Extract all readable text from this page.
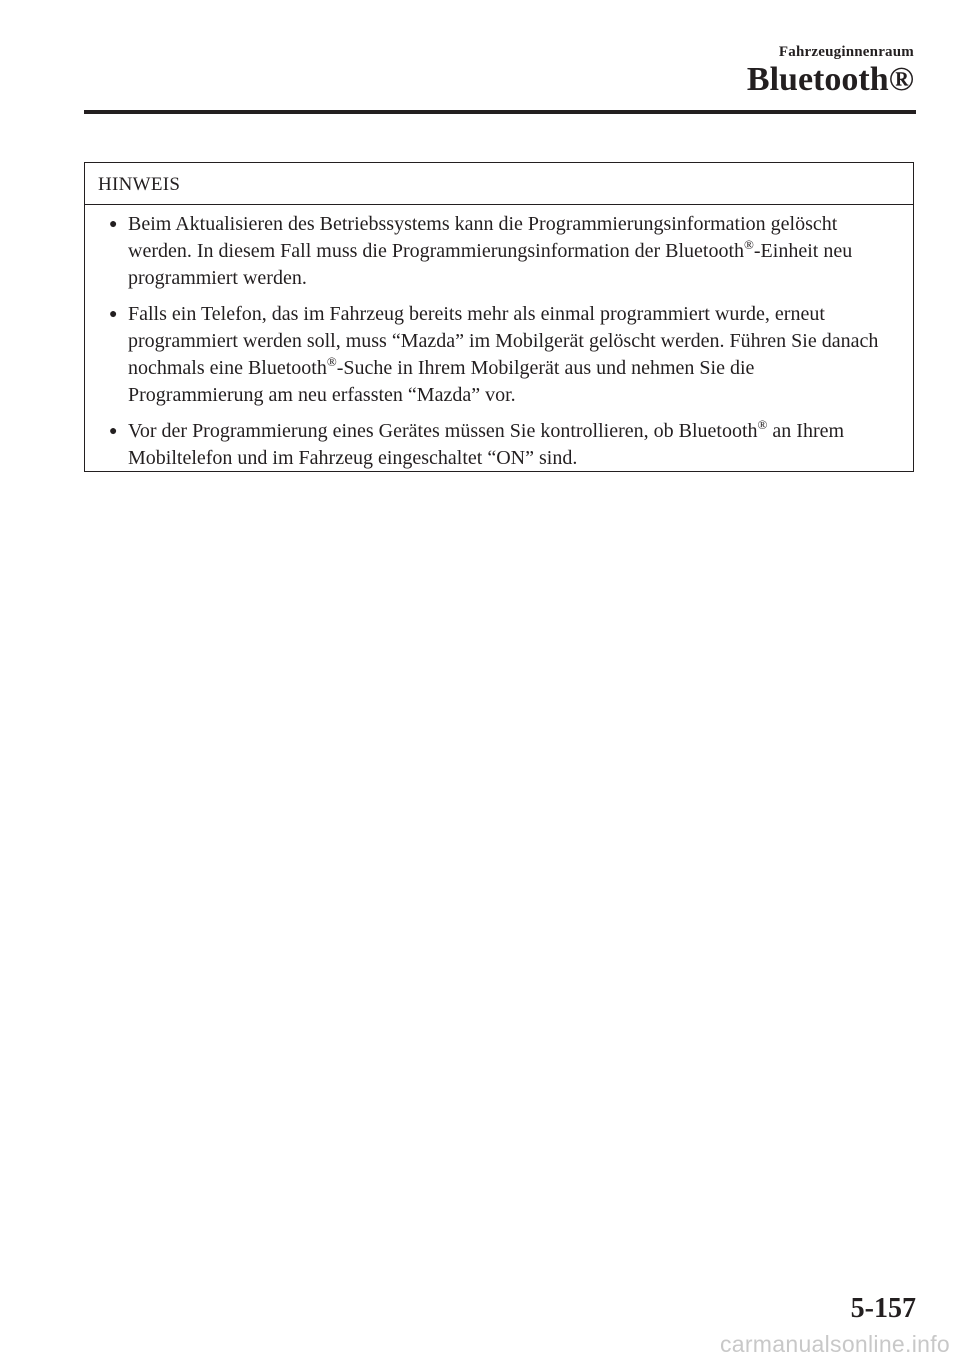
Fahrzeuginnenraum
Bluetooth®
HINWEIS
● Beim Aktualisieren des Betriebssystems kann die Programmierungsinformation gelöscht werden. In diesem Fall muss die Programmierungsinformation der Bluetooth®-Einheit neu programmiert werden.
● Falls ein Telefon, das im Fahrzeug bereits mehr als einmal programmiert wurde, erneut programmiert werden soll, muss “Mazda” im Mobilgerät gelöscht werden. Führen Sie danach nochmals eine Bluetooth®-Suche in Ihrem Mobilgerät aus und nehmen Sie die Programmierung am neu erfassten “Mazda” vor.
● Vor der Programmierung eines Gerätes müssen Sie kontrollieren, ob Bluetooth® an Ihrem Mobiltelefon und im Fahrzeug eingeschaltet “ON” sind.
5-157
carmanualsonline.info
